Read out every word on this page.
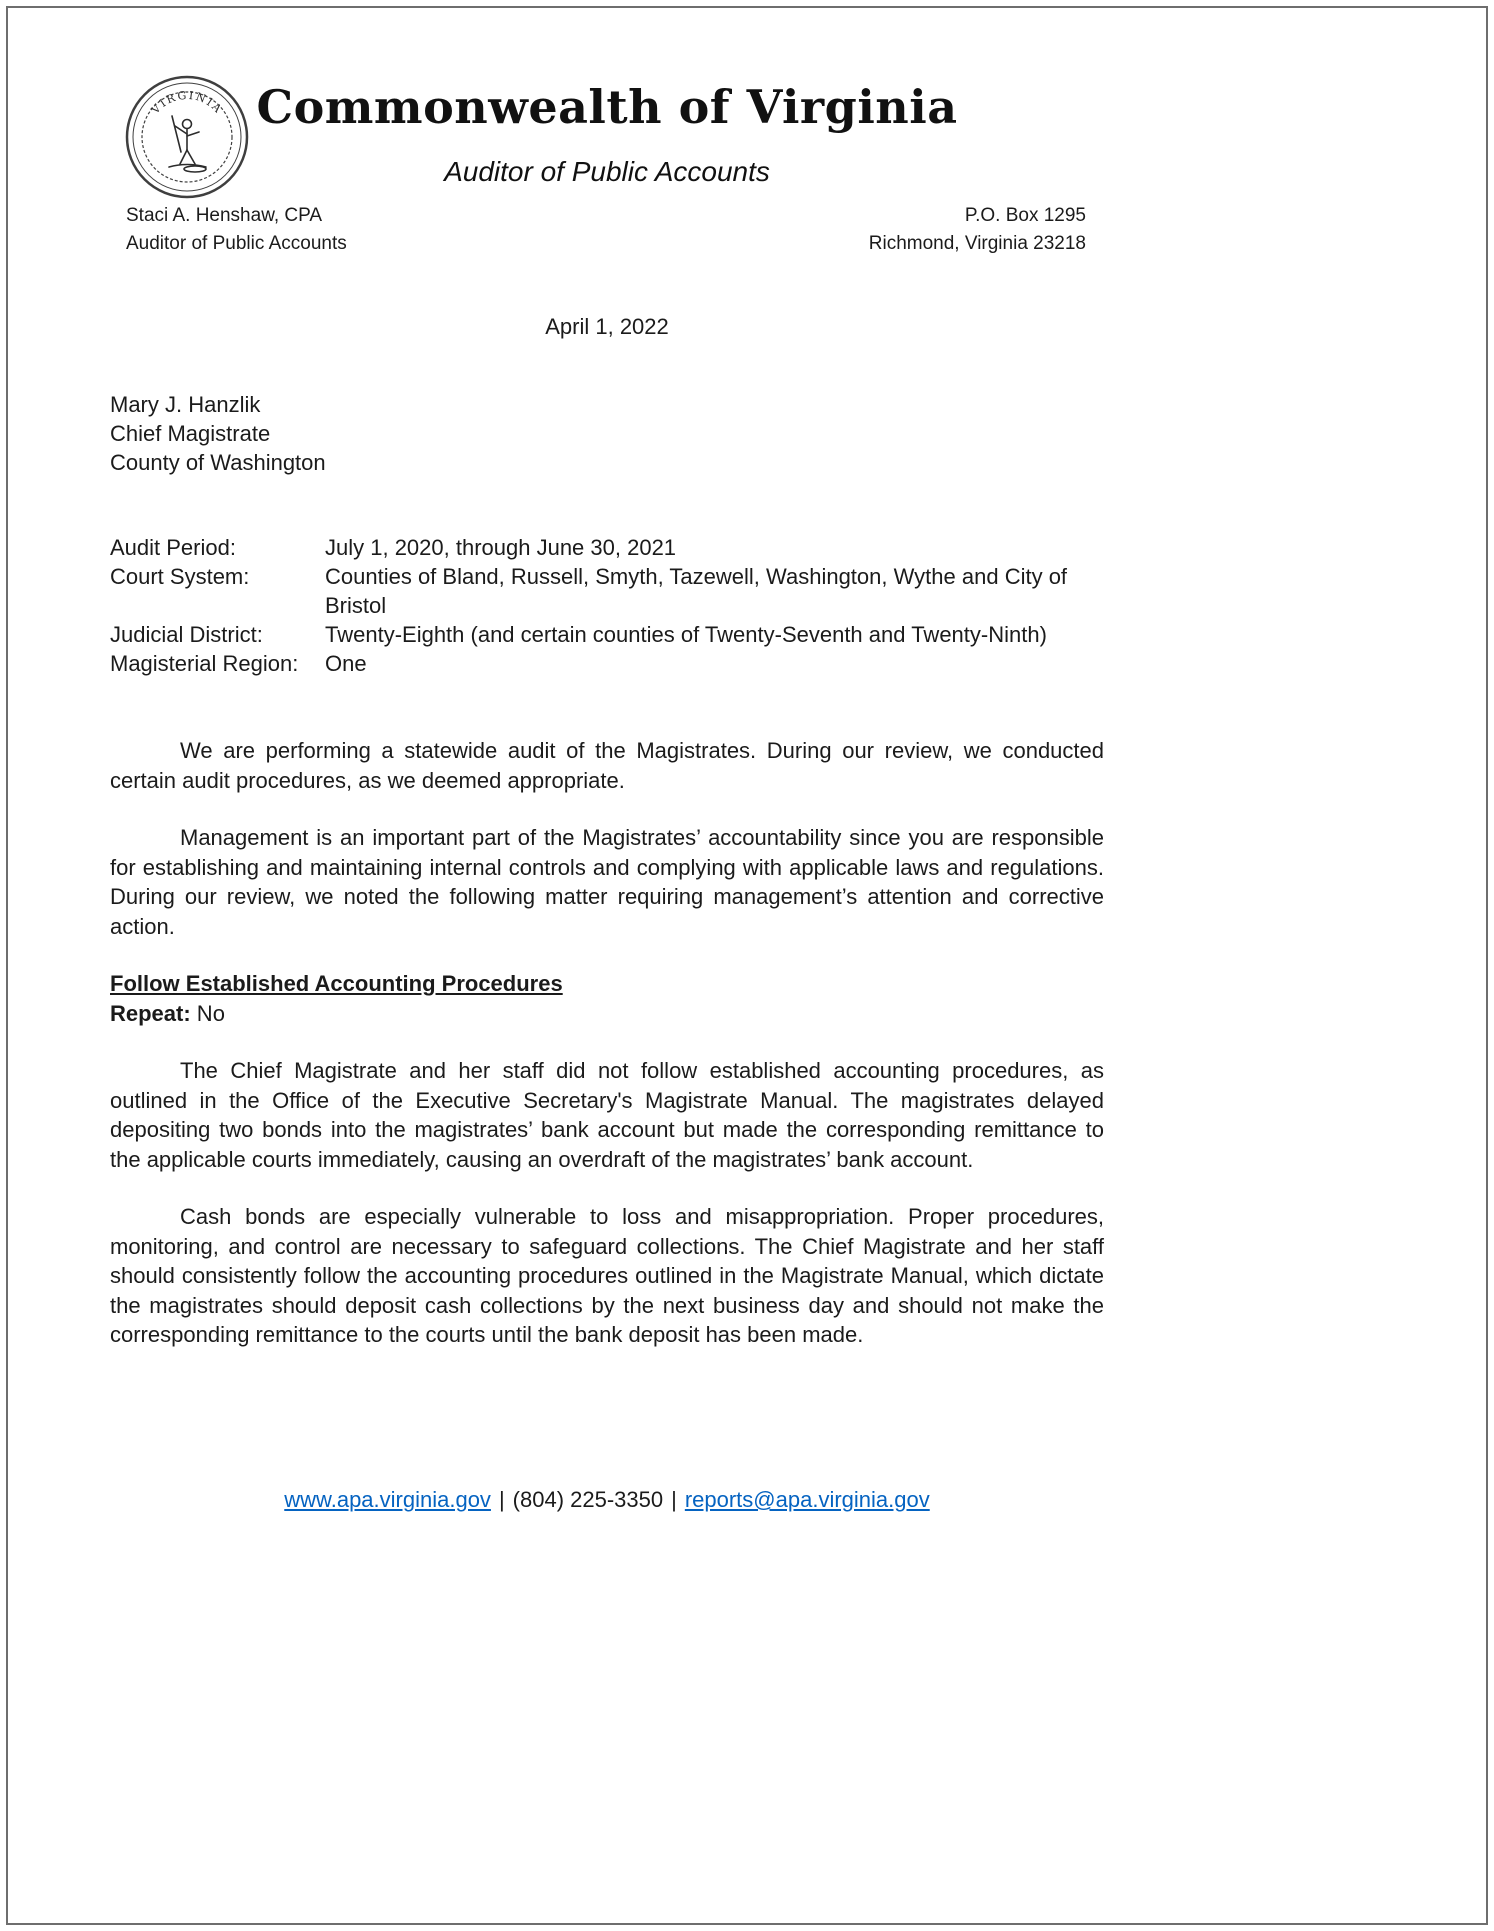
VIRGINIA Commonwealth of Virginia
Auditor of Public Accounts
Staci A. Henshaw, CPA
Auditor of Public Accounts
P.O. Box 1295
Richmond, Virginia 23218
April 1, 2022
Mary J. Hanzlik
Chief Magistrate
County of Washington
Audit Period:	July 1, 2020, through June 30, 2021
Court System:	Counties of Bland, Russell, Smyth, Tazewell, Washington, Wythe and City of Bristol
Judicial District:	Twenty-Eighth (and certain counties of Twenty-Seventh and Twenty-Ninth)
Magisterial Region:	One

We are performing a statewide audit of the Magistrates. During our review, we conducted certain audit procedures, as we deemed appropriate.

Management is an important part of the Magistrates’ accountability since you are responsible for establishing and maintaining internal controls and complying with applicable laws and regulations. During our review, we noted the following matter requiring management’s attention and corrective action.

Follow Established Accounting Procedures
Repeat: No

The Chief Magistrate and her staff did not follow established accounting procedures, as outlined in the Office of the Executive Secretary's Magistrate Manual. The magistrates delayed depositing two bonds into the magistrates’ bank account but made the corresponding remittance to the applicable courts immediately, causing an overdraft of the magistrates’ bank account.

Cash bonds are especially vulnerable to loss and misappropriation. Proper procedures, monitoring, and control are necessary to safeguard collections. The Chief Magistrate and her staff should consistently follow the accounting procedures outlined in the Magistrate Manual, which dictate the magistrates should deposit cash collections by the next business day and should not make the corresponding remittance to the courts until the bank deposit has been made.

www.apa.virginia.gov | (804) 225-3350 | reports@apa.virginia.gov
